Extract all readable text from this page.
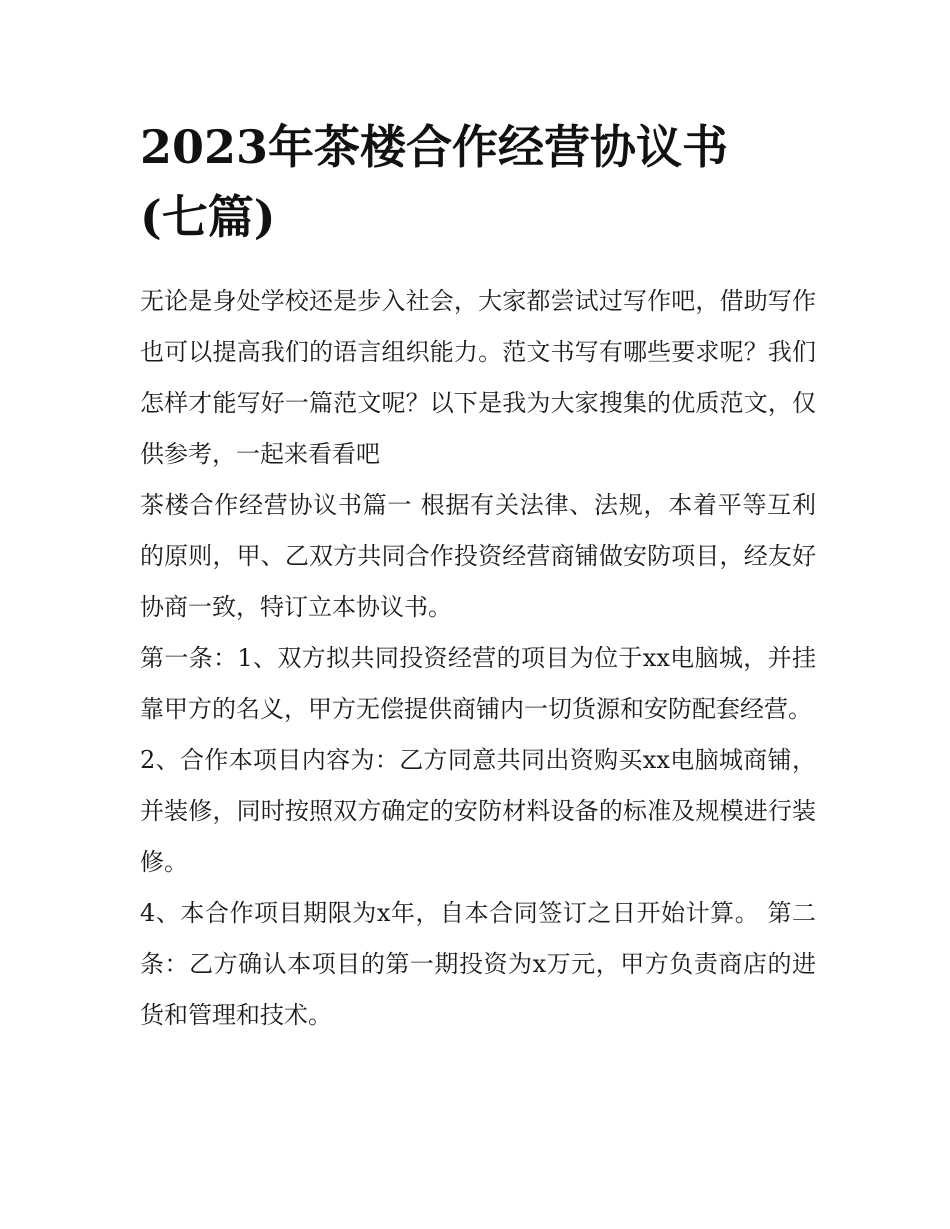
2023年茶楼合作经营协议书
(七篇)

无论是身处学校还是步入社会，大家都尝试过写作吧，借助写作也可以提高我们的语言组织能力。范文书写有哪些要求呢？我们怎样才能写好一篇范文呢？以下是我为大家搜集的优质范文，仅供参考，一起来看看吧

茶楼合作经营协议书篇一 根据有关法律、法规，本着平等互利的原则，甲、乙双方共同合作投资经营商铺做安防项目，经友好协商一致，特订立本协议书。

第一条：1、双方拟共同投资经营的项目为位于xx电脑城，并挂靠甲方的名义，甲方无偿提供商铺内一切货源和安防配套经营。

2、合作本项目内容为：乙方同意共同出资购买xx电脑城商铺，并装修，同时按照双方确定的安防材料设备的标准及规模进行装修。

4、本合作项目期限为x年，自本合同签订之日开始计算。 第二条：乙方确认本项目的第一期投资为x万元，甲方负责商店的进货和管理和技术。
